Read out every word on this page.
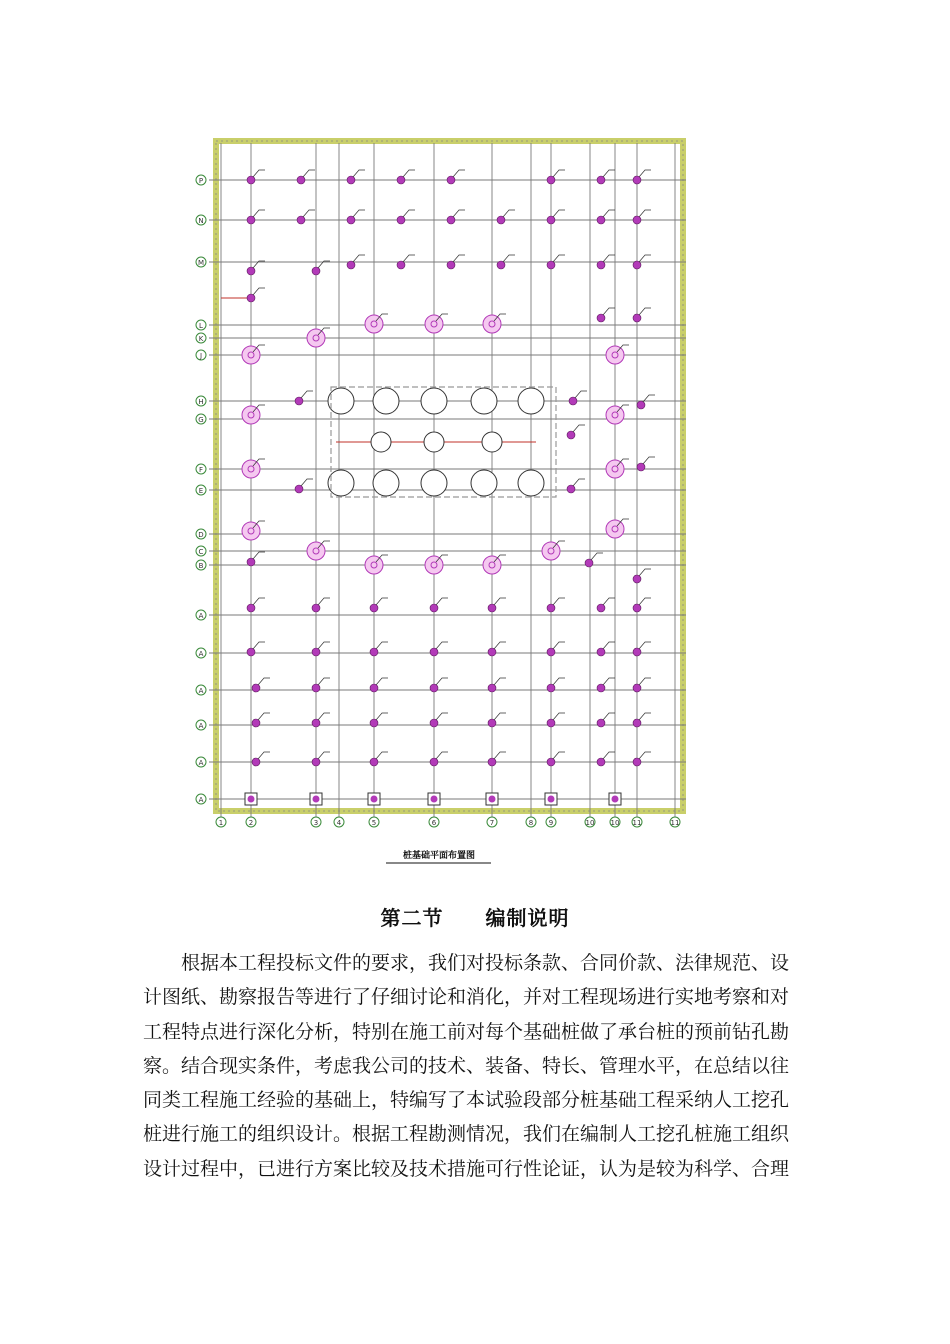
P
N
M
L
K
J
H
G
F
E
D
C
B
A
A
A
A
A
A
1	2	3	4	5	6	7	8 9	10 10 11	11
桩基础平面布置图
第二节　　编制说明
根据本工程投标文件的要求，我们对投标条款、合同价款、法律规范、设
计图纸、勘察报告等进行了仔细讨论和消化，并对工程现场进行实地考察和对
工程特点进行深化分析，特别在施工前对每个基础桩做了承台桩的预前钻孔勘
察。结合现实条件，考虑我公司的技术、装备、特长、管理水平，在总结以往
同类工程施工经验的基础上，特编写了本试验段部分桩基础工程采纳人工挖孔
桩进行施工的组织设计。根据工程勘测情况，我们在编制人工挖孔桩施工组织
设计过程中，已进行方案比较及技术措施可行性论证，认为是较为科学、合理
